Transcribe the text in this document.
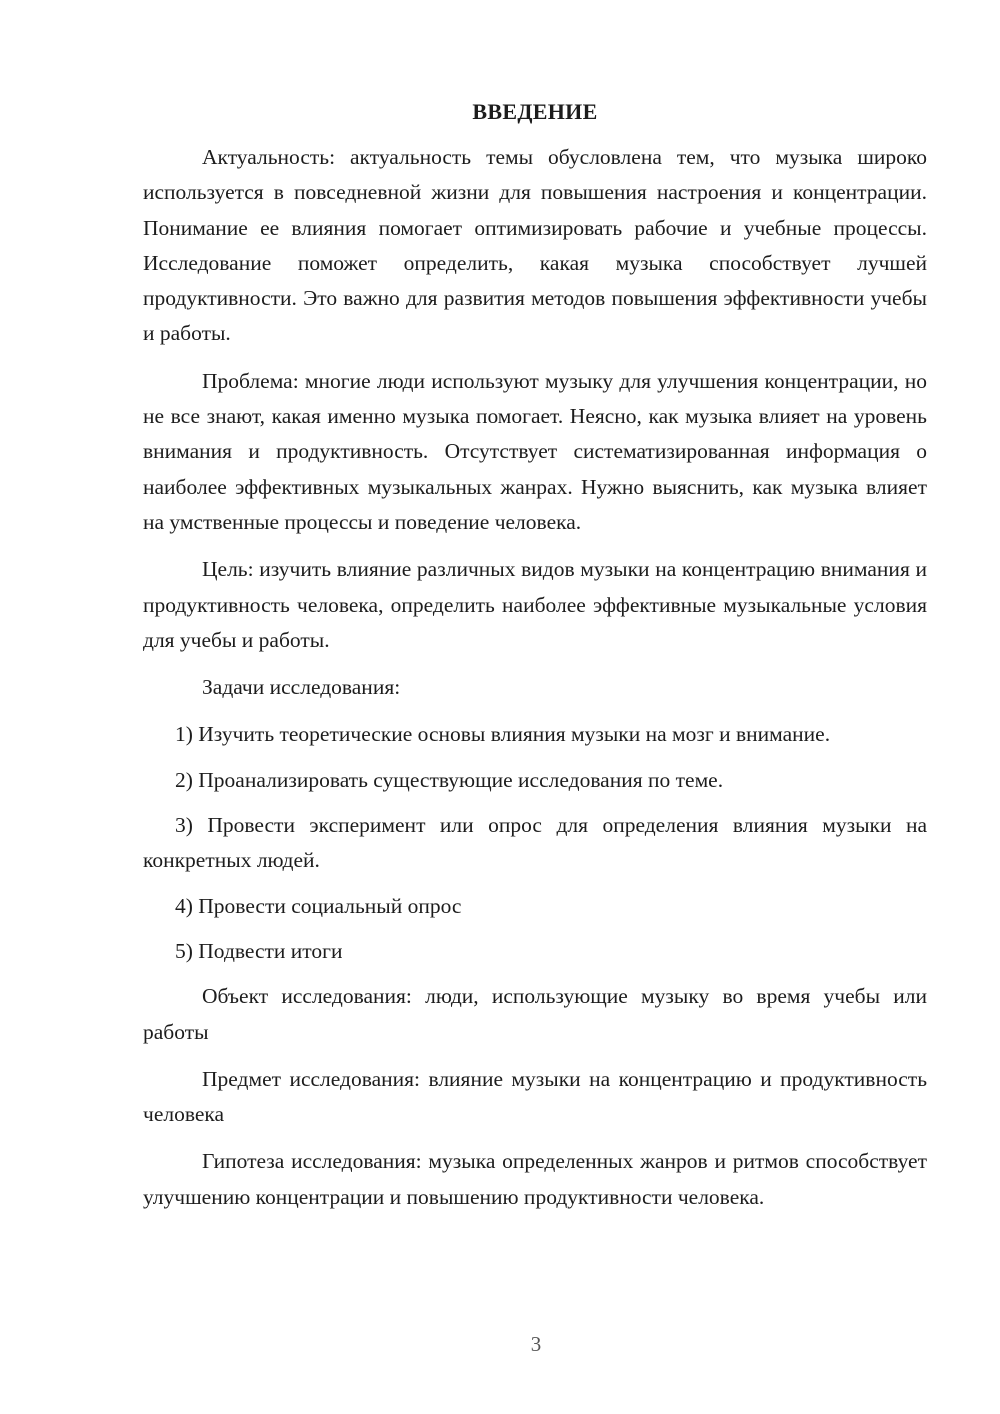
ВВЕДЕНИЕ

Актуальность: актуальность темы обусловлена тем, что музыка широко используется в повседневной жизни для повышения настроения и концентрации. Понимание ее влияния помогает оптимизировать рабочие и учебные процессы. Исследование поможет определить, какая музыка способствует лучшей продуктивности. Это важно для развития методов повышения эффективности учебы и работы.

Проблема: многие люди используют музыку для улучшения концентрации, но не все знают, какая именно музыка помогает. Неясно, как музыка влияет на уровень внимания и продуктивность. Отсутствует систематизированная информация о наиболее эффективных музыкальных жанрах. Нужно выяснить, как музыка влияет на умственные процессы и поведение человека.

Цель: изучить влияние различных видов музыки на концентрацию внимания и продуктивность человека, определить наиболее эффективные музыкальные условия для учебы и работы.

Задачи исследования:

1) Изучить теоретические основы влияния музыки на мозг и внимание.

2) Проанализировать существующие исследования по теме.

3) Провести эксперимент или опрос для определения влияния музыки на конкретных людей.

4) Провести социальный опрос

5) Подвести итоги

Объект исследования: люди, использующие музыку во время учебы или работы

Предмет исследования: влияние музыки на концентрацию и продуктивность человека

Гипотеза исследования: музыка определенных жанров и ритмов способствует улучшению концентрации и повышению продуктивности человека.

3
